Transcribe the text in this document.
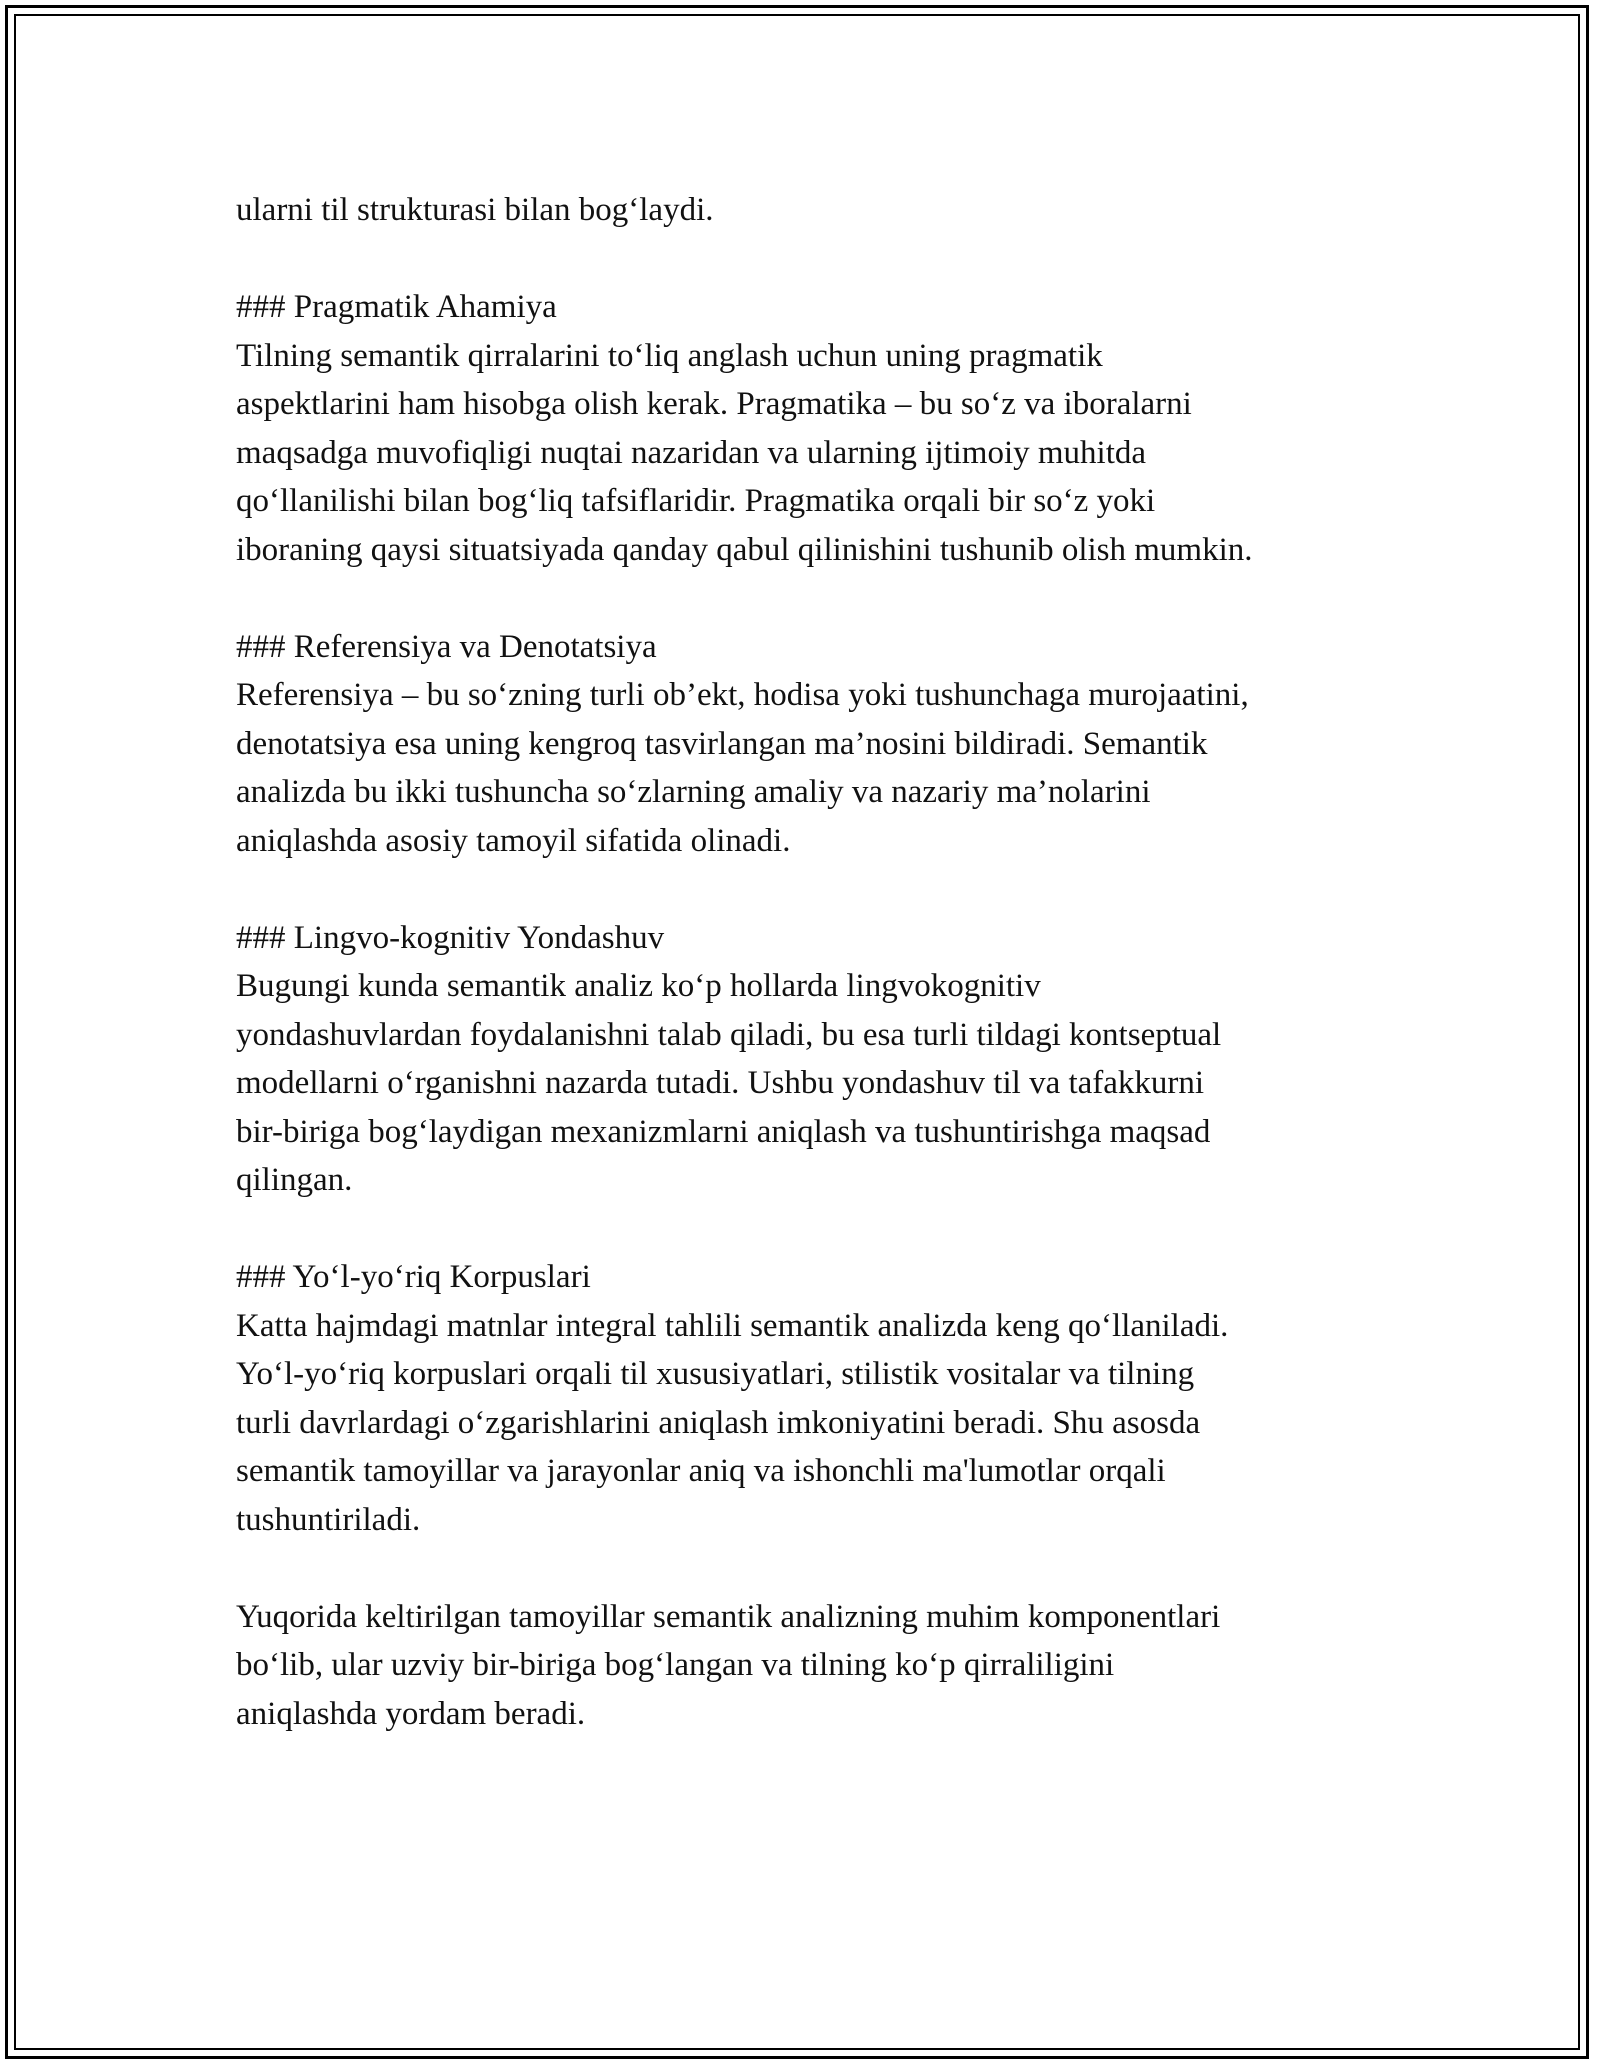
ularni til strukturasi bilan bog‘laydi.
### Pragmatik Ahamiya
Tilning semantik qirralarini to‘liq anglash uchun uning pragmatik
aspektlarini ham hisobga olish kerak. Pragmatika – bu so‘z va iboralarni
maqsadga muvofiqligi nuqtai nazaridan va ularning ijtimoiy muhitda
qo‘llanilishi bilan bog‘liq tafsiflaridir. Pragmatika orqali bir so‘z yoki
iboraning qaysi situatsiyada qanday qabul qilinishini tushunib olish mumkin.
### Referensiya va Denotatsiya
Referensiya – bu so‘zning turli ob’ekt, hodisa yoki tushunchaga murojaatini,
denotatsiya esa uning kengroq tasvirlangan ma’nosini bildiradi. Semantik
analizda bu ikki tushuncha so‘zlarning amaliy va nazariy ma’nolarini
aniqlashda asosiy tamoyil sifatida olinadi.
### Lingvo-kognitiv Yondashuv
Bugungi kunda semantik analiz ko‘p hollarda lingvokognitiv
yondashuvlardan foydalanishni talab qiladi, bu esa turli tildagi kontseptual
modellarni o‘rganishni nazarda tutadi. Ushbu yondashuv til va tafakkurni
bir-biriga bog‘laydigan mexanizmlarni aniqlash va tushuntirishga maqsad
qilingan.
### Yo‘l-yo‘riq Korpuslari
Katta hajmdagi matnlar integral tahlili semantik analizda keng qo‘llaniladi.
Yo‘l-yo‘riq korpuslari orqali til xususiyatlari, stilistik vositalar va tilning
turli davrlardagi o‘zgarishlarini aniqlash imkoniyatini beradi. Shu asosda
semantik tamoyillar va jarayonlar aniq va ishonchli ma'lumotlar orqali
tushuntiriladi.
Yuqorida keltirilgan tamoyillar semantik analizning muhim komponentlari
bo‘lib, ular uzviy bir-biriga bog‘langan va tilning ko‘p qirraliligini
aniqlashda yordam beradi.
